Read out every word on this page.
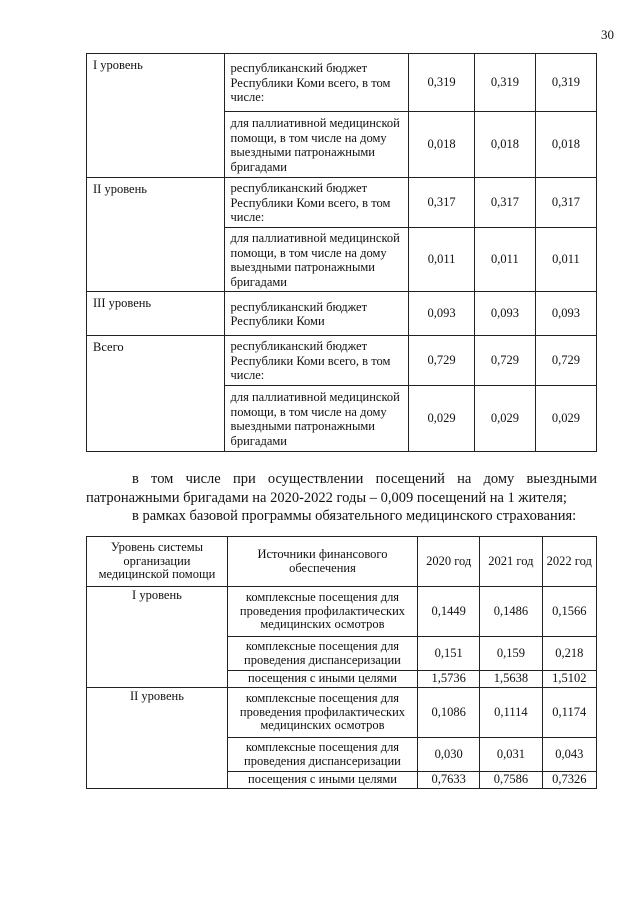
30
I уровень	республиканский бюджет Республики Коми всего, в том числе:	0,319	0,319	0,319
	для паллиативной медицинской помощи, в том числе на дому выездными патронажными бригадами	0,018	0,018	0,018
II уровень	республиканский бюджет Республики Коми всего, в том числе:	0,317	0,317	0,317
	для паллиативной медицинской помощи, в том числе на дому выездными патронажными бригадами	0,011	0,011	0,011
III уровень	республиканский бюджет Республики Коми	0,093	0,093	0,093
Всего	республиканский бюджет Республики Коми всего, в том числе:	0,729	0,729	0,729
	для паллиативной медицинской помощи, в том числе на дому выездными патронажными бригадами	0,029	0,029	0,029

в том числе при осуществлении посещений на дому выездными патронажными бригадами на 2020-2022 годы – 0,009 посещений на 1 жителя;

в рамках базовой программы обязательного медицинского страхования:

Уровень системы организации медицинской помощи	Источники финансового обеспечения	2020 год	2021 год	2022 год
I уровень	комплексные посещения для проведения профилактических медицинских осмотров	0,1449	0,1486	0,1566
	комплексные посещения для проведения диспансеризации	0,151	0,159	0,218
	посещения с иными целями	1,5736	1,5638	1,5102
II уровень	комплексные посещения для проведения профилактических медицинских осмотров	0,1086	0,1114	0,1174
	комплексные посещения для проведения диспансеризации	0,030	0,031	0,043
	посещения с иными целями	0,7633	0,7586	0,7326
